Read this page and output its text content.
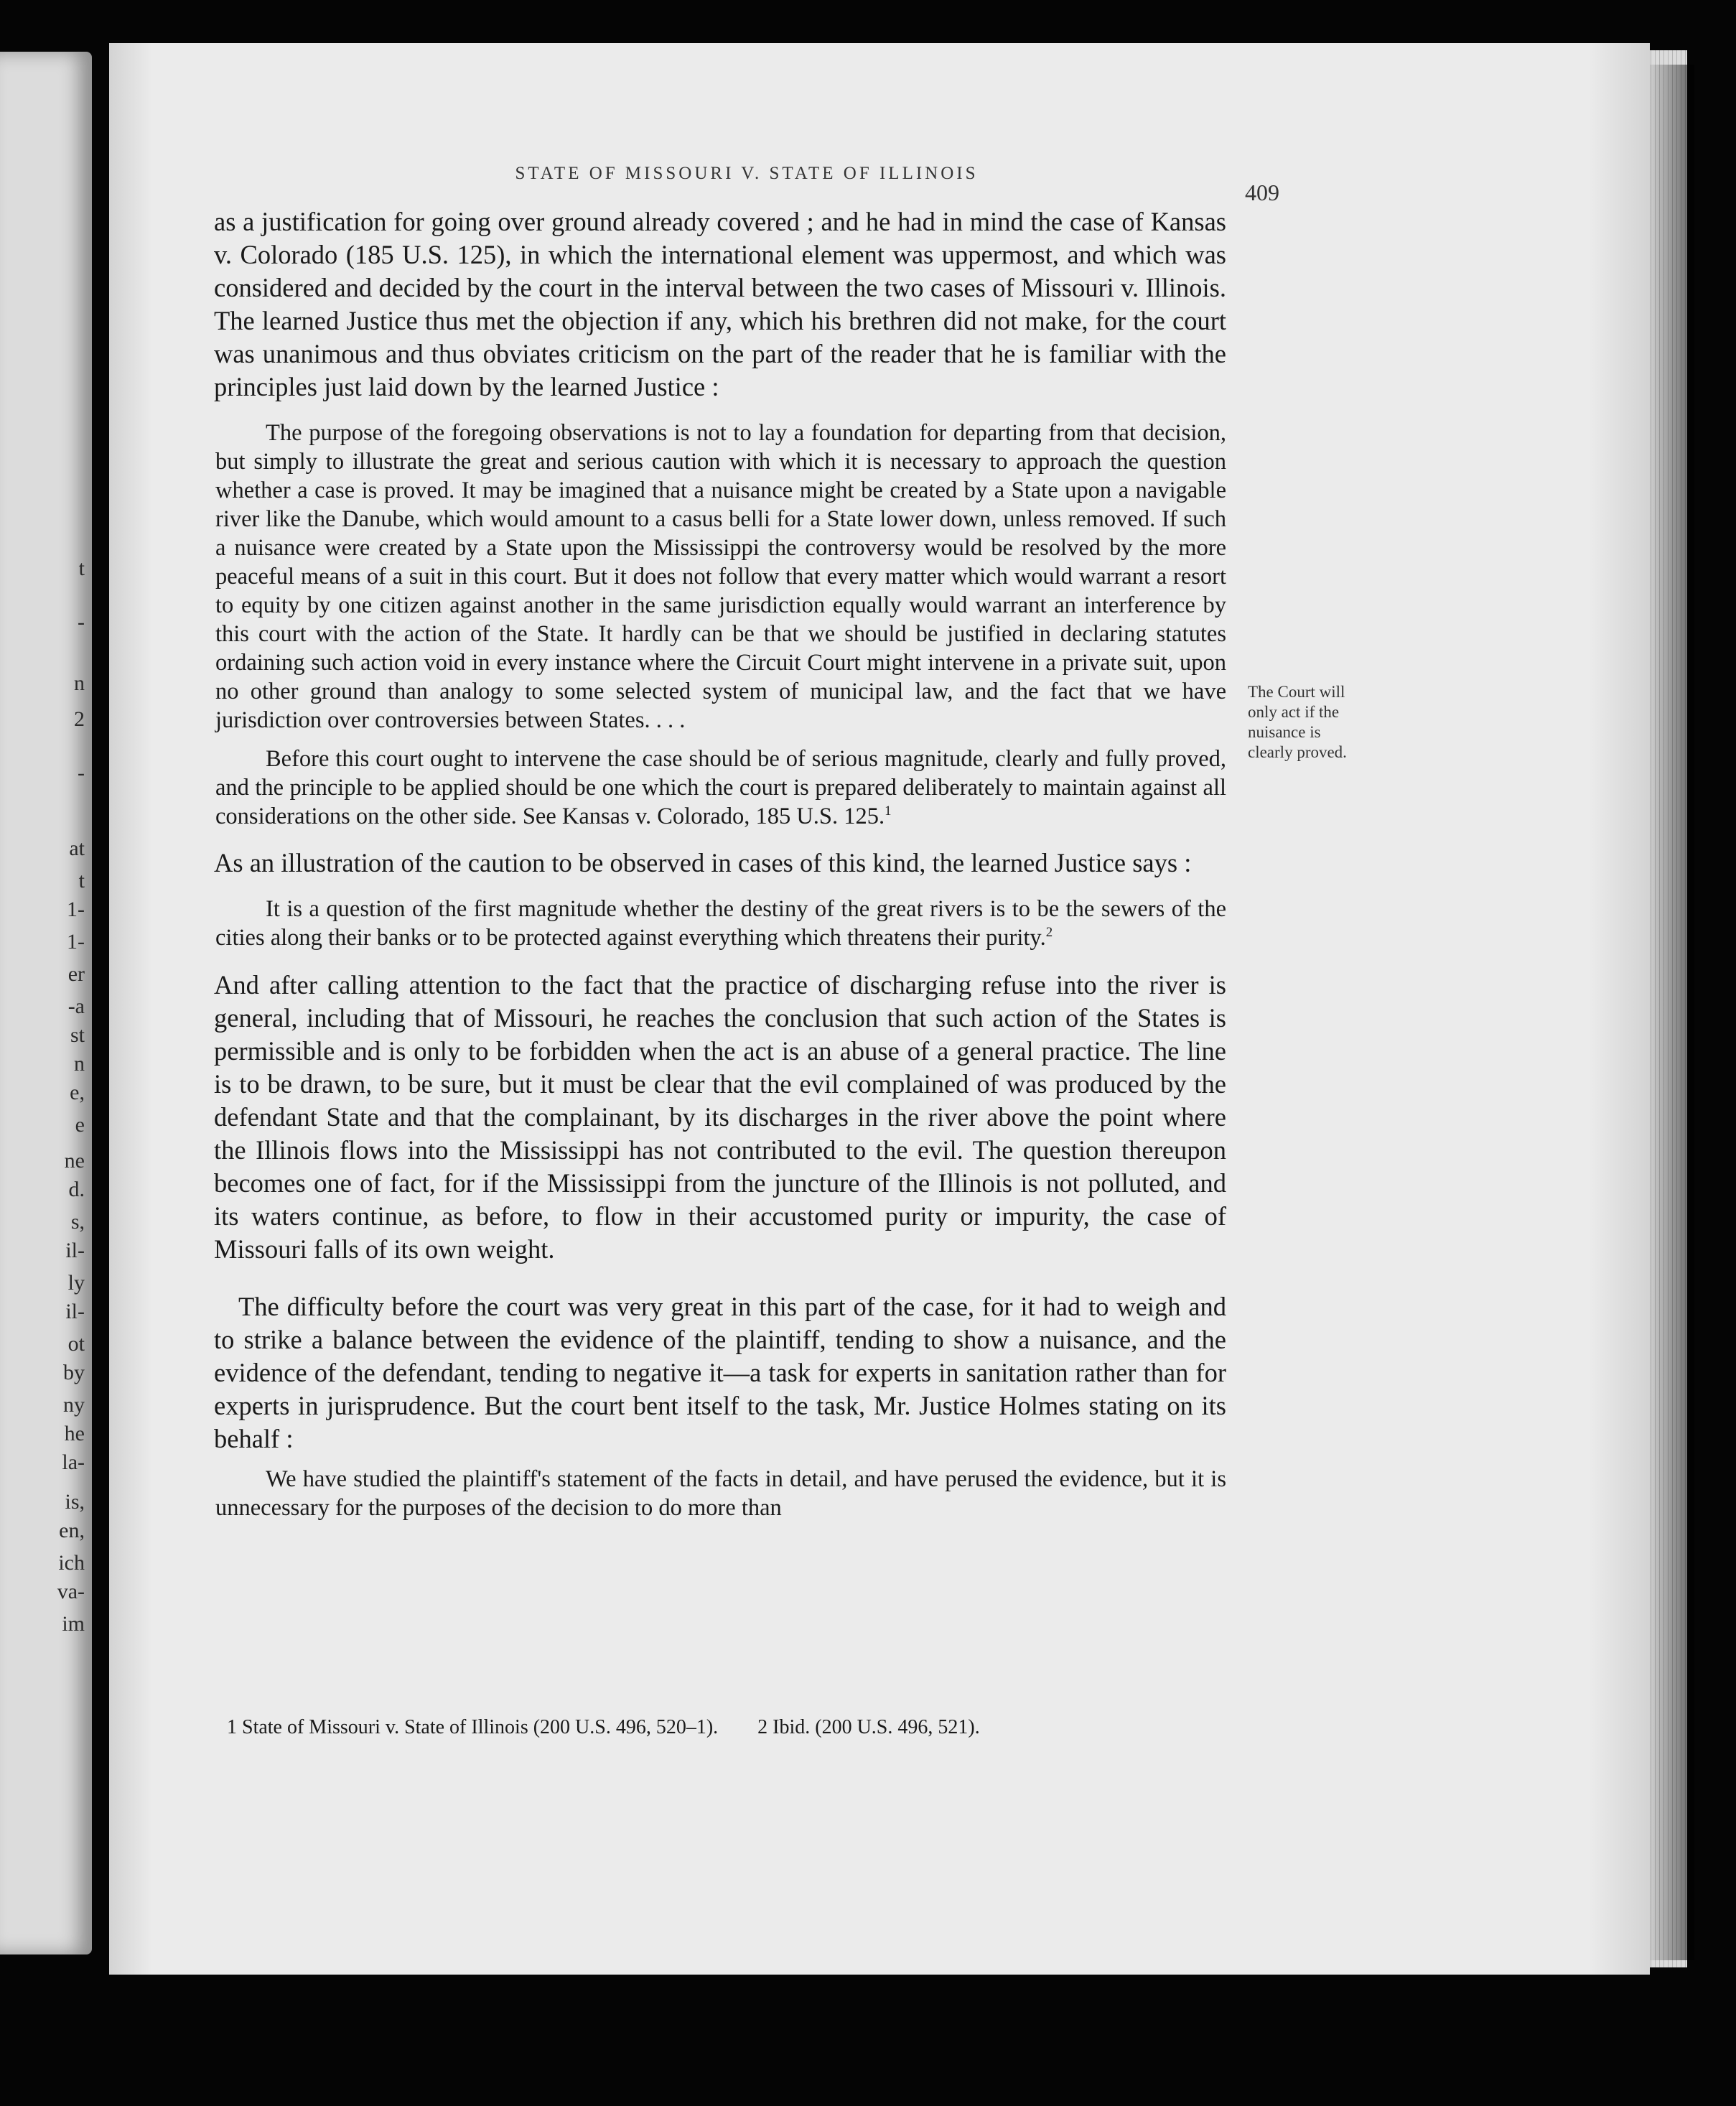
t
-
n
2
-
at
t
1-
1-
er
-a
st
n
e,
e
ne
d.
s,
il-
ly
il-
ot
by
ny
he
la-
is,
en,
ich
va-
im
STATE OF MISSOURI V. STATE OF ILLINOIS
409

as a justification for going over ground already covered ; and he had in mind the case of Kansas v. Colorado (185 U.S. 125), in which the international element was uppermost, and which was considered and decided by the court in the interval between the two cases of Missouri v. Illinois. The learned Justice thus met the objection if any, which his brethren did not make, for the court was unanimous and thus obviates criticism on the part of the reader that he is familiar with the principles just laid down by the learned Justice :

The purpose of the foregoing observations is not to lay a foundation for departing from that decision, but simply to illustrate the great and serious caution with which it is necessary to approach the question whether a case is proved. It may be imagined that a nuisance might be created by a State upon a navigable river like the Danube, which would amount to a casus belli for a State lower down, unless removed. If such a nuisance were created by a State upon the Mississippi the controversy would be resolved by the more peaceful means of a suit in this court. But it does not follow that every matter which would warrant a resort to equity by one citizen against another in the same jurisdiction equally would warrant an interference by this court with the action of the State. It hardly can be that we should be justified in declaring statutes ordaining such action void in every instance where the Circuit Court might intervene in a private suit, upon no other ground than analogy to some selected system of municipal law, and the fact that we have jurisdiction over controversies between States. . . .

Before this court ought to intervene the case should be of serious magnitude, clearly and fully proved, and the principle to be applied should be one which the court is prepared deliberately to maintain against all considerations on the other side. See Kansas v. Colorado, 185 U.S. 125.$^1$

As an illustration of the caution to be observed in cases of this kind, the learned Justice says :

It is a question of the first magnitude whether the destiny of the great rivers is to be the sewers of the cities along their banks or to be protected against everything which threatens their purity.$^2$

And after calling attention to the fact that the practice of discharging refuse into the river is general, including that of Missouri, he reaches the conclusion that such action of the States is permissible and is only to be forbidden when the act is an abuse of a general practice. The line is to be drawn, to be sure, but it must be clear that the evil complained of was produced by the defendant State and that the complainant, by its discharges in the river above the point where the Illinois flows into the Mississippi has not contributed to the evil. The question thereupon becomes one of fact, for if the Mississippi from the juncture of the Illinois is not polluted, and its waters continue, as before, to flow in their accustomed purity or impurity, the case of Missouri falls of its own weight.

The difficulty before the court was very great in this part of the case, for it had to weigh and to strike a balance between the evidence of the plaintiff, tending to show a nuisance, and the evidence of the defendant, tending to negative it—a task for experts in sanitation rather than for experts in jurisprudence. But the court bent itself to the task, Mr. Justice Holmes stating on its behalf :

We have studied the plaintiff's statement of the facts in detail, and have perused the evidence, but it is unnecessary for the purposes of the decision to do more than

The Court will only act if the nuisance is clearly proved.
1 State of Missouri v. State of Illinois (200 U.S. 496, 520–1). 2 Ibid. (200 U.S. 496, 521).
